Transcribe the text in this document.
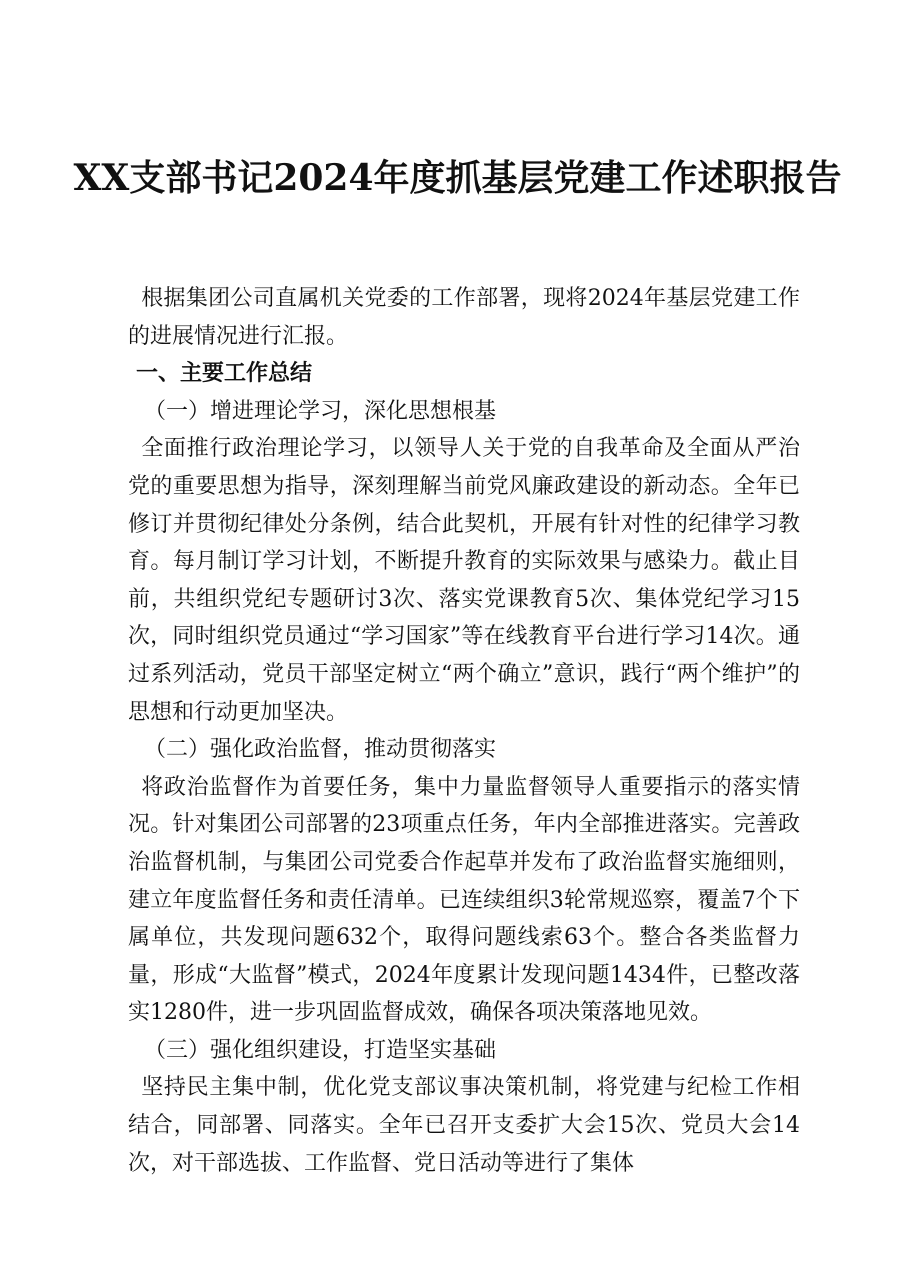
XX支部书记2024年度抓基层党建工作述职报告

根据集团公司直属机关党委的工作部署，现将2024年基层党建工作的进展情况进行汇报。

一、主要工作总结

（一）增进理论学习，深化思想根基

全面推行政治理论学习，以领导人关于党的自我革命及全面从严治党的重要思想为指导，深刻理解当前党风廉政建设的新动态。全年已修订并贯彻纪律处分条例，结合此契机，开展有针对性的纪律学习教育。每月制订学习计划，不断提升教育的实际效果与感染力。截止目前，共组织党纪专题研讨3次、落实党课教育5次、集体党纪学习15次，同时组织党员通过“学习国家”等在线教育平台进行学习14次。通过系列活动，党员干部坚定树立“两个确立”意识，践行“两个维护”的思想和行动更加坚决。

（二）强化政治监督，推动贯彻落实

将政治监督作为首要任务，集中力量监督领导人重要指示的落实情况。针对集团公司部署的23项重点任务，年内全部推进落实。完善政治监督机制，与集团公司党委合作起草并发布了政治监督实施细则，建立年度监督任务和责任清单。已连续组织3轮常规巡察，覆盖7个下属单位，共发现问题632个，取得问题线索63个。整合各类监督力量，形成“大监督”模式，2024年度累计发现问题1434件，已整改落实1280件，进一步巩固监督成效，确保各项决策落地见效。

（三）强化组织建设，打造坚实基础

坚持民主集中制，优化党支部议事决策机制，将党建与纪检工作相结合，同部署、同落实。全年已召开支委扩大会15次、党员大会14次，对干部选拔、工作监督、党日活动等进行了集体
